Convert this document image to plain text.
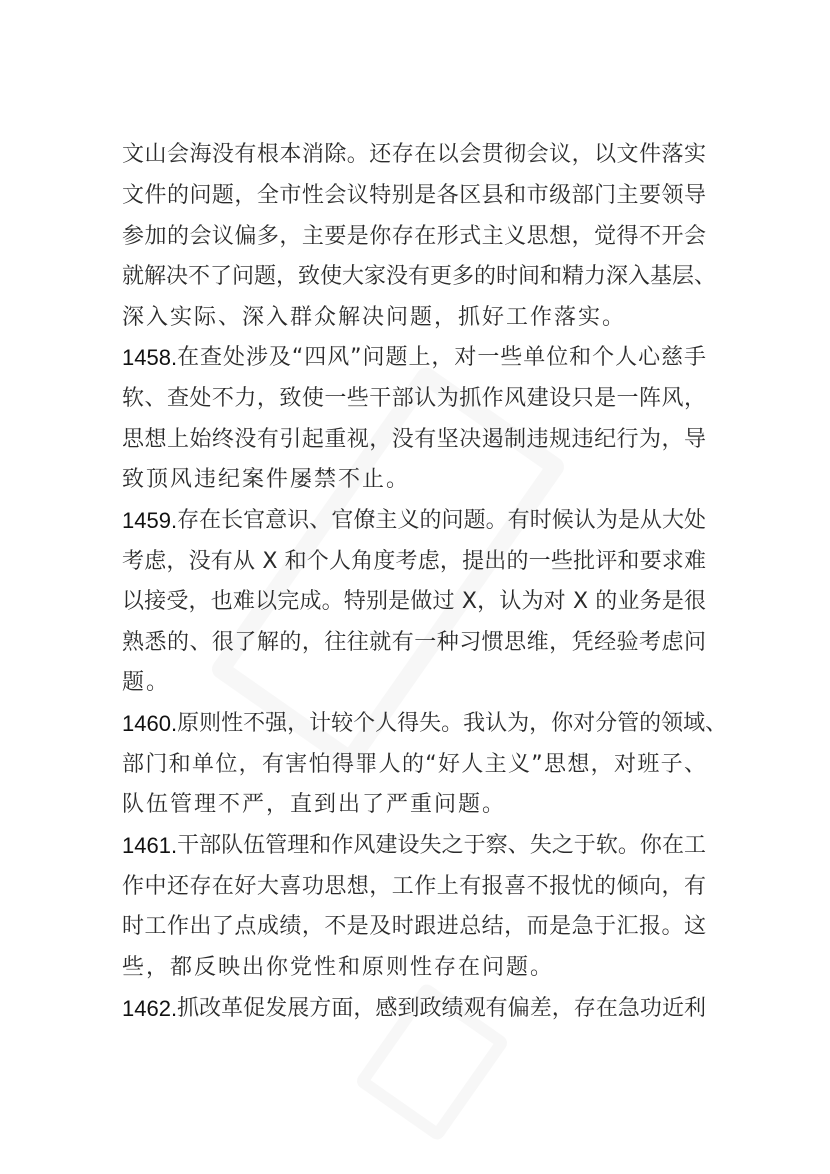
文山会海没有根本消除。还存在以会贯彻会议，以文件落实
文件的问题，全市性会议特别是各区县和市级部门主要领导
参加的会议偏多，主要是你存在形式主义思想，觉得不开会
就解决不了问题，致使大家没有更多的时间和精力深入基层、
深入实际、深入群众解决问题，抓好工作落实。
1458. 在查处涉及“四风”问题上，对一些单位和个人心慈手
软、查处不力，致使一些干部认为抓作风建设只是一阵风，
思想上始终没有引起重视，没有坚决遏制违规违纪行为，导
致顶风违纪案件屡禁不止。
1459. 存在长官意识、官僚主义的问题。有时候认为是从大处
考虑，没有从 X 和个人角度考虑，提出的一些批评和要求难
以接受，也难以完成。特别是做过 X，认为对 X 的业务是很
熟悉的、很了解的，往往就有一种习惯思维，凭经验考虑问
题。
1460. 原则性不强，计较个人得失。我认为，你对分管的领域、
部门和单位，有害怕得罪人的“好人主义”思想，对班子、
队伍管理不严，直到出了严重问题。
1461. 干部队伍管理和作风建设失之于察、失之于软。你在工
作中还存在好大喜功思想，工作上有报喜不报忧的倾向，有
时工作出了点成绩，不是及时跟进总结，而是急于汇报。这
些，都反映出你党性和原则性存在问题。
1462. 抓改革促发展方面，感到政绩观有偏差，存在急功近利
